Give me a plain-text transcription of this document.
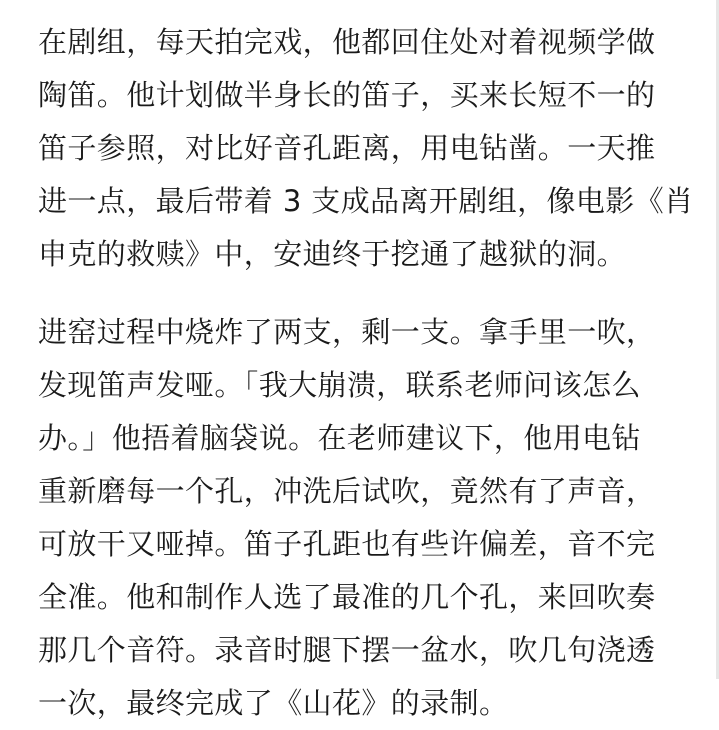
在剧组，每天拍完戏，他都回住处对着视频学做
陶笛。他计划做半身长的笛子，买来长短不一的
笛子参照，对比好音孔距离，用电钻凿。一天推
进一点，最后带着 3 支成品离开剧组，像电影《肖
申克的救赎》中，安迪终于挖通了越狱的洞。
进窑过程中烧炸了两支，剩一支。拿手里一吹，
发现笛声发哑。「我大崩溃，联系老师问该怎么
办。」他捂着脑袋说。在老师建议下，他用电钻
重新磨每一个孔，冲洗后试吹，竟然有了声音，
可放干又哑掉。笛子孔距也有些许偏差，音不完
全准。他和制作人选了最准的几个孔，来回吹奏
那几个音符。录音时腿下摆一盆水，吹几句浇透
一次，最终完成了《山花》的录制。
